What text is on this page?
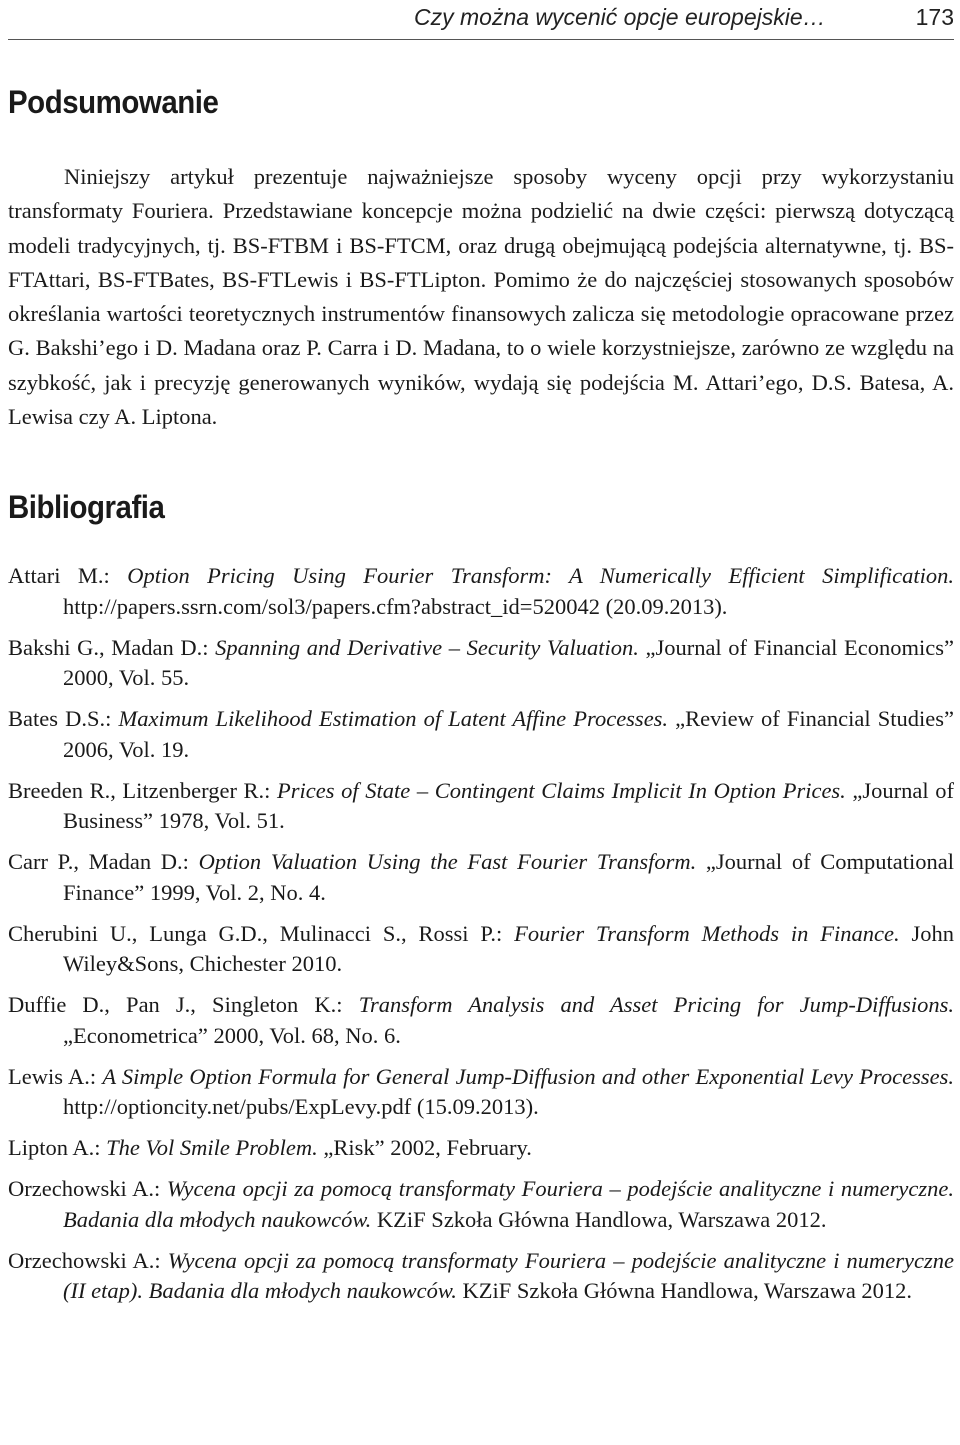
Czy można wycenić opcje europejskie…	173
Podsumowanie

Niniejszy artykuł prezentuje najważniejsze sposoby wyceny opcji przy wykorzystaniu transformaty Fouriera. Przedstawiane koncepcje można podzielić na dwie części: pierwszą dotyczącą modeli tradycyjnych, tj. BS-FTBM i BS-FTCM, oraz drugą obejmującą podejścia alternatywne, tj. BS-FTAttari, BS-FTBates, BS-FTLewis i BS-FTLipton. Pomimo że do najczęściej stosowanych sposobów określania wartości teoretycznych instrumentów finansowych zalicza się metodologie opracowane przez G. Bakshi’ego i D. Madana oraz P. Carra i D. Madana, to o wiele korzystniejsze, zarówno ze względu na szybkość, jak i precyzję generowanych wyników, wydają się podejścia M. Attari’ego, D.S. Batesa, A. Lewisa czy A. Liptona.

Bibliografia
Attari M.: Option Pricing Using Fourier Transform: A Numerically Efficient Simplification. http://papers.ssrn.com/sol3/papers.cfm?abstract_id=520042 (20.09.2013).
Bakshi G., Madan D.: Spanning and Derivative – Security Valuation. „Journal of Financial Economics” 2000, Vol. 55.
Bates D.S.: Maximum Likelihood Estimation of Latent Affine Processes. „Review of Financial Studies” 2006, Vol. 19.
Breeden R., Litzenberger R.: Prices of State – Contingent Claims Implicit In Option Prices. „Journal of Business” 1978, Vol. 51.
Carr P., Madan D.: Option Valuation Using the Fast Fourier Transform. „Journal of Computational Finance” 1999, Vol. 2, No. 4.
Cherubini U., Lunga G.D., Mulinacci S., Rossi P.: Fourier Transform Methods in Finance. John Wiley&Sons, Chichester 2010.
Duffie D., Pan J., Singleton K.: Transform Analysis and Asset Pricing for Jump-Diffusions. „Econometrica” 2000, Vol. 68, No. 6.
Lewis A.: A Simple Option Formula for General Jump-Diffusion and other Exponential Levy Processes. http://optioncity.net/pubs/ExpLevy.pdf (15.09.2013).
Lipton A.: The Vol Smile Problem. „Risk” 2002, February.
Orzechowski A.: Wycena opcji za pomocą transformaty Fouriera – podejście analityczne i numeryczne. Badania dla młodych naukowców. KZiF Szkoła Główna Handlowa, Warszawa 2012.
Orzechowski A.: Wycena opcji za pomocą transformaty Fouriera – podejście analityczne i numeryczne (II etap). Badania dla młodych naukowców. KZiF Szkoła Główna Handlowa, Warszawa 2012.
